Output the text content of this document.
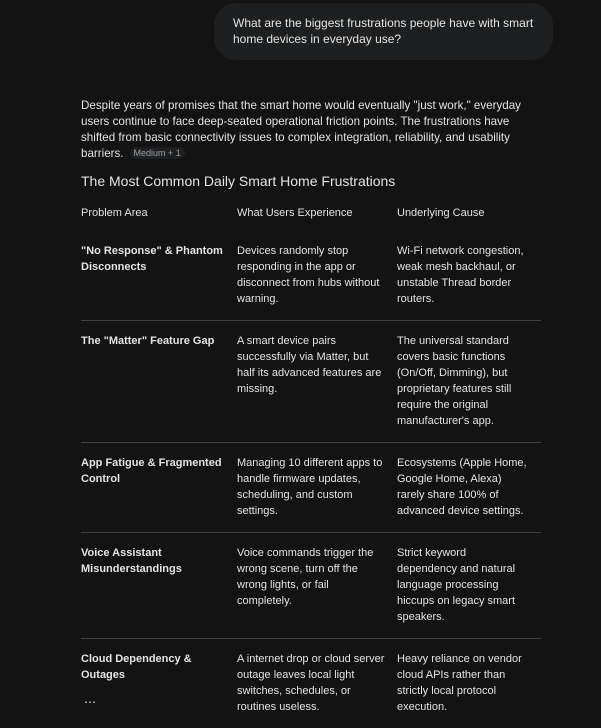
What are the biggest frustrations people have with smart home devices in everyday use?
Despite years of promises that the smart home would eventually "just work," everyday users continue to face deep-seated operational friction points. The frustrations have shifted from basic connectivity issues to complex integration, reliability, and usability barriers. Medium + 1
The Most Common Daily Smart Home Frustrations
Problem Area	What Users Experience	Underlying Cause

"No Response" & Phantom Disconnects	Devices randomly stop responding in the app or disconnect from hubs without warning.	Wi-Fi network congestion, weak mesh backhaul, or unstable Thread border routers.

The "Matter" Feature Gap	A smart device pairs successfully via Matter, but half its advanced features are missing.	The universal standard covers basic functions (On/Off, Dimming), but proprietary features still require the original manufacturer's app.

App Fatigue & Fragmented Control	Managing 10 different apps to handle firmware updates, scheduling, and custom settings.	Ecosystems (Apple Home, Google Home, Alexa) rarely share 100% of advanced device settings.

Voice Assistant Misunderstandings	Voice commands trigger the wrong scene, turn off the wrong lights, or fail completely.	Strict keyword dependency and natural language processing hiccups on legacy smart speakers.

Cloud Dependency & Outages	A internet drop or cloud server outage leaves local light switches, schedules, or routines useless.	Heavy reliance on vendor cloud APIs rather than strictly local protocol execution.
⋯
